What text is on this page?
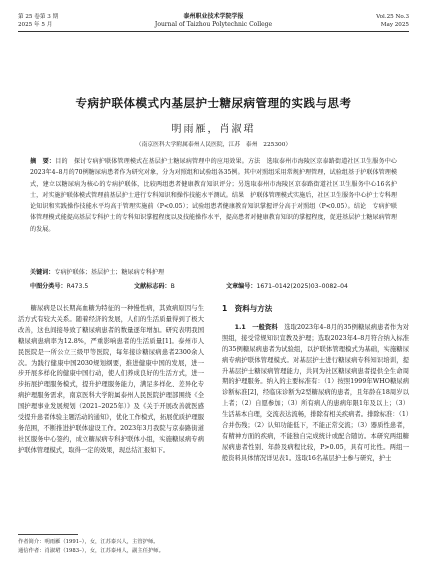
第 25 卷第 3 期
2025 年 5 月
泰州职业技术学院学报
Journal of Taizhou Polytechnic College
Vol.25 No.3
May 2025
专病护联体模式内基层护士糖尿病管理的实践与思考
明雨雁，肖淑珺
（南京医科大学附属泰州人民医院，江苏　泰州　225300）
摘　要：目的　探讨专病护联体管理模式在基层护士糖尿病管理中的应用效果。方法　选取泰州市海陵区京泰路街道社区卫生服务中心2023年4–8月的70例糖尿病患者作为研究对象，分为对照组和试验组各35例。其中对照组采用常规护理管理，试验组基于护联体管理模式，建立以糖尿病为核心的专病护联体，比较两组患者健康教育知识评分；另选取泰州市海陵区京泰路街道社区卫生服务中心16名护士，对实施护联体模式管理前基层护士进行专科知识和操作技能水平测试。结果　护联体管理模式实施后，社区卫生服务中心护士专科理论知识和实践操作技能水平均高于管理实施前（P<0.05）；试验组患者健康教育知识掌握评分高于对照组（P<0.05）。结论　专病护联体管理模式能提高基层专科护士的专科知识掌握程度以及技能操作水平，提高患者对健康教育知识的掌握程度，促进基层护士糖尿病管理的发展。
关键词：专病护联体；基层护士；糖尿病专科护理
中图分类号：R473.5	文献标志码：B	文章编号：1671–0142(2025)03–0082–04

糖尿病是以长期高血糖为特征的一种慢性病，其致病原因与生活方式有较大关系。随着经济的发展，人们的生活质量得到了极大改善，这也间接导致了糖尿病患者的数量逐年增加。研究表明我国糖尿病患病率为12.8%，严重影响患者的生活质量[1]。泰州市人民医院是一所公立三级甲等医院，每年接诊糖尿病患者2300余人次。为践行健康中国2030规划纲要，推进健康中国的发展，进一步开展多样化的健康中国行动，使人们养成良好的生活方式，进一步拓展护理服务模式，提升护理服务能力，满足多样化、差异化专病护理服务需求，南京医科大学附属泰州人民医院护理部围绕《全国护理事业发展规划（2021–2025年）》及《关于开展改善就医感受提升患者体验主题活动的通知》，优化工作模式，拓展优质护理服务范围，不断推进护联体建设工作。2023年3月我院与京泰路街道社区服务中心签约，成立糖尿病专科护联体小组，实施糖尿病专病护联体管理模式，取得一定的效果，现总结汇报如下。

1　资料与方法

1.1　一般资料　 选取2023年4–8月的35例糖尿病患者作为对照组，接受常规知识宣教及护理；选取2023年4–8月符合纳入标准的35例糖尿病患者为试验组，以护联体管理模式为基础，实施糖尿病专病护联体管理模式。对基层护士进行糖尿病专科知识培训，提升基层护士糖尿病管理能力，共同为社区糖尿病患者提供全生命周期的护理服务。纳入的主要标准有：（1）按照1999年WHO糖尿病诊断标准[2]，经临床诊断为2型糖尿病的患者，且年龄在18周岁以上者；（2）自愿参加；（3）所有病人的患病年限1年及以上；（3）生活基本自理，交流表达流畅，排除有相关疾病者。排除标准：（1）合并伤残；（2）认知功能低下，不能正常交流；（3）器质性患者，有精神方面的疾病，不能独自完成统计或配合随访。本研究两组糖尿病患者性别、年龄及病程比较，P>0.05，具有可比性。两组一般资料具体情况详见表1。选取16名基层护士参与研究，护士

作者简介：明雨雁（1991–），女，江苏泰兴人，主管护师。
通信作者：肖淑珺（1983–），女，江苏泰州人，副主任护师。
